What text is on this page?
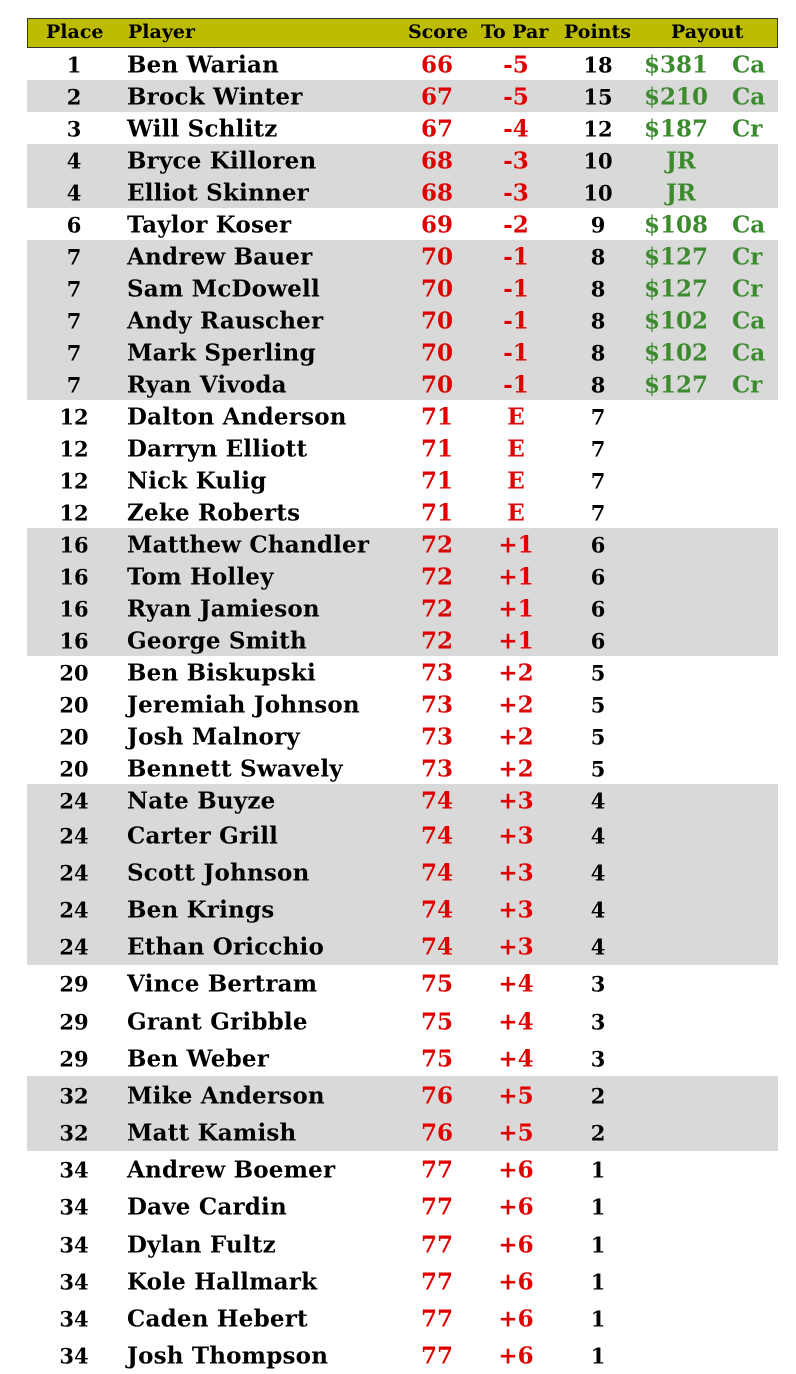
Place Player	Score To Par Points Payout
1	Ben Warian	66	-5	18 $381	Ca
2	Brock Winter	67	-5	15 $210	Ca
3	Will Schlitz	67	-4	12 $187	Cr
4	Bryce Killoren	68	-3	10	JR
4	Elliot Skinner	68	-3	10	JR
6	Taylor Koser	69	-2	9	$108	Ca
7	Andrew Bauer	70	-1	8	$127	Cr
7	Sam McDowell	70	-1	8	$127	Cr
7	Andy Rauscher	70	-1	8	$102	Ca
7	Mark Sperling	70	-1	8	$102	Ca
7	Ryan Vivoda	70	-1	8	$127	Cr
12	Dalton Anderson	71	E	7
12	Darryn Elliott	71	E	7
12	Nick Kulig	71	E	7
12	Zeke Roberts	71	E	7
16	Matthew Chandler 72 +1	6
16	Tom Holley	72 +1	6
16	Ryan Jamieson	72 +1	6
16	George Smith	72 +1	6
20	Ben Biskupski	73 +2	5
20	Jeremiah Johnson	73 +2	5
20	Josh Malnory	73 +2	5
20	Bennett Swavely	73 +2	5
24	Nate Buyze	74 +3	4
24	Carter Grill	74 +3	4
24	Scott Johnson	74 +3	4
24	Ben Krings	74 +3	4
24	Ethan Oricchio	74 +3	4
29	Vince Bertram	75 +4	3
29	Grant Gribble	75 +4	3
29	Ben Weber	75 +4	3
32	Mike Anderson	76 +5	2
32	Matt Kamish	76 +5	2
34	Andrew Boemer	77 +6	1
34	Dave Cardin	77 +6	1
34	Dylan Fultz	77 +6	1
34	Kole Hallmark	77 +6	1
34	Caden Hebert	77 +6	1
34	Josh Thompson	77 +6	1
